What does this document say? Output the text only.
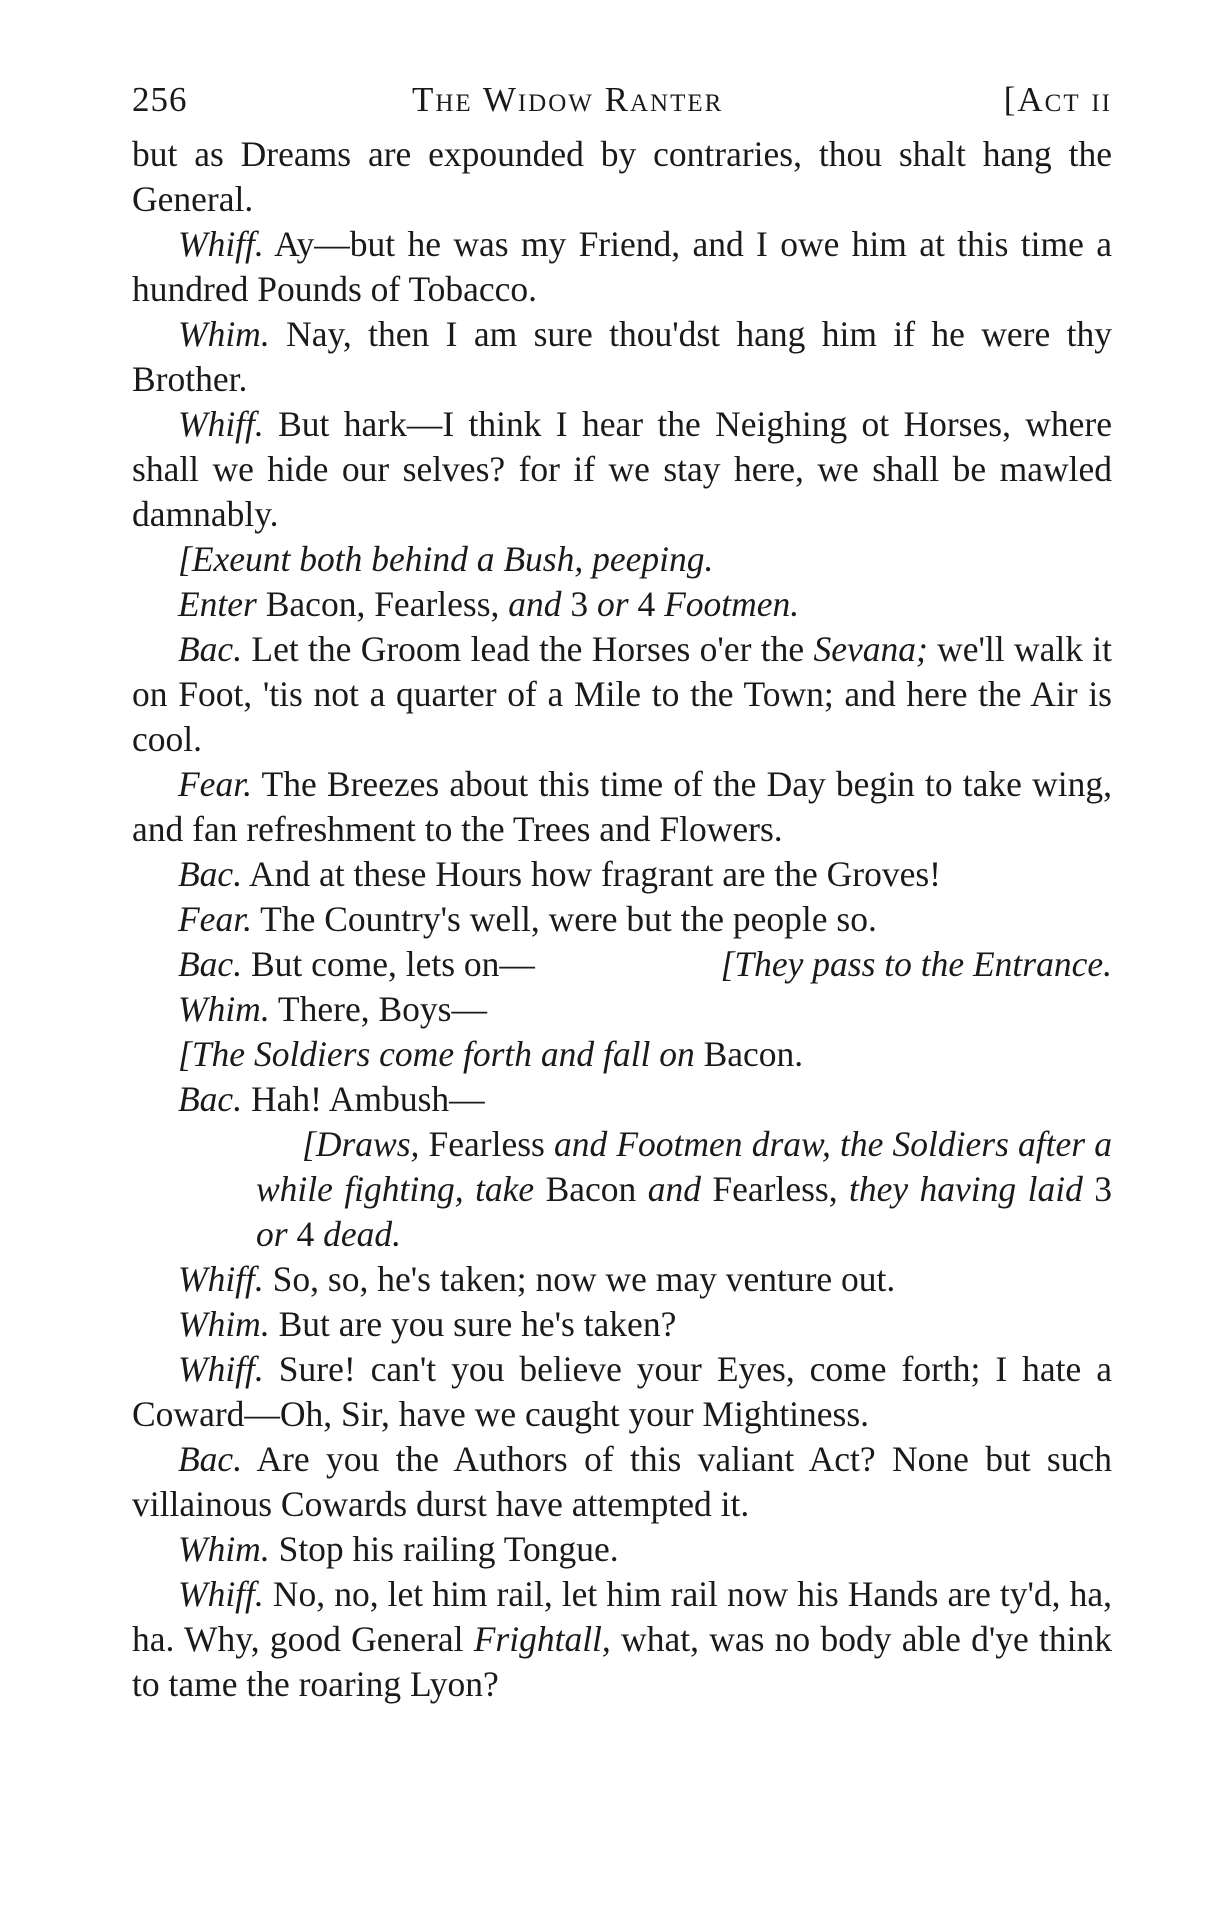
256	The Widow Ranter	[Act ii

but as Dreams are expounded by contraries, thou shalt hang the General.

Whiff. Ay—but he was my Friend, and I owe him at this time a hundred Pounds of Tobacco.

Whim. Nay, then I am sure thou'dst hang him if he were thy Brother.

Whiff. But hark—I think I hear the Neighing ot Horses, where shall we hide our selves? for if we stay here, we shall be mawled damnably.

[Exeunt both behind a Bush, peeping.

Enter Bacon, Fearless, and 3 or 4 Footmen.

Bac. Let the Groom lead the Horses o'er the Sevana; we'll walk it on Foot, 'tis not a quarter of a Mile to the Town; and here the Air is cool.

Fear. The Breezes about this time of the Day begin to take wing, and fan refreshment to the Trees and Flowers.

Bac. And at these Hours how fragrant are the Groves!

Fear. The Country's well, were but the people so.

Bac. But come, lets on—	[They pass to the Entrance.

Whim. There, Boys—

[The Soldiers come forth and fall on Bacon.

Bac. Hah! Ambush—

[Draws, Fearless and Footmen draw, the Soldiers after a while fighting, take Bacon and Fearless, they having laid 3 or 4 dead.

Whiff. So, so, he's taken; now we may venture out.

Whim. But are you sure he's taken?

Whiff. Sure! can't you believe your Eyes, come forth; I hate a Coward—Oh, Sir, have we caught your Mightiness.

Bac. Are you the Authors of this valiant Act? None but such villainous Cowards durst have attempted it.

Whim. Stop his railing Tongue.

Whiff. No, no, let him rail, let him rail now his Hands are ty'd, ha, ha. Why, good General Frightall, what, was no body able d'ye think to tame the roaring Lyon?
